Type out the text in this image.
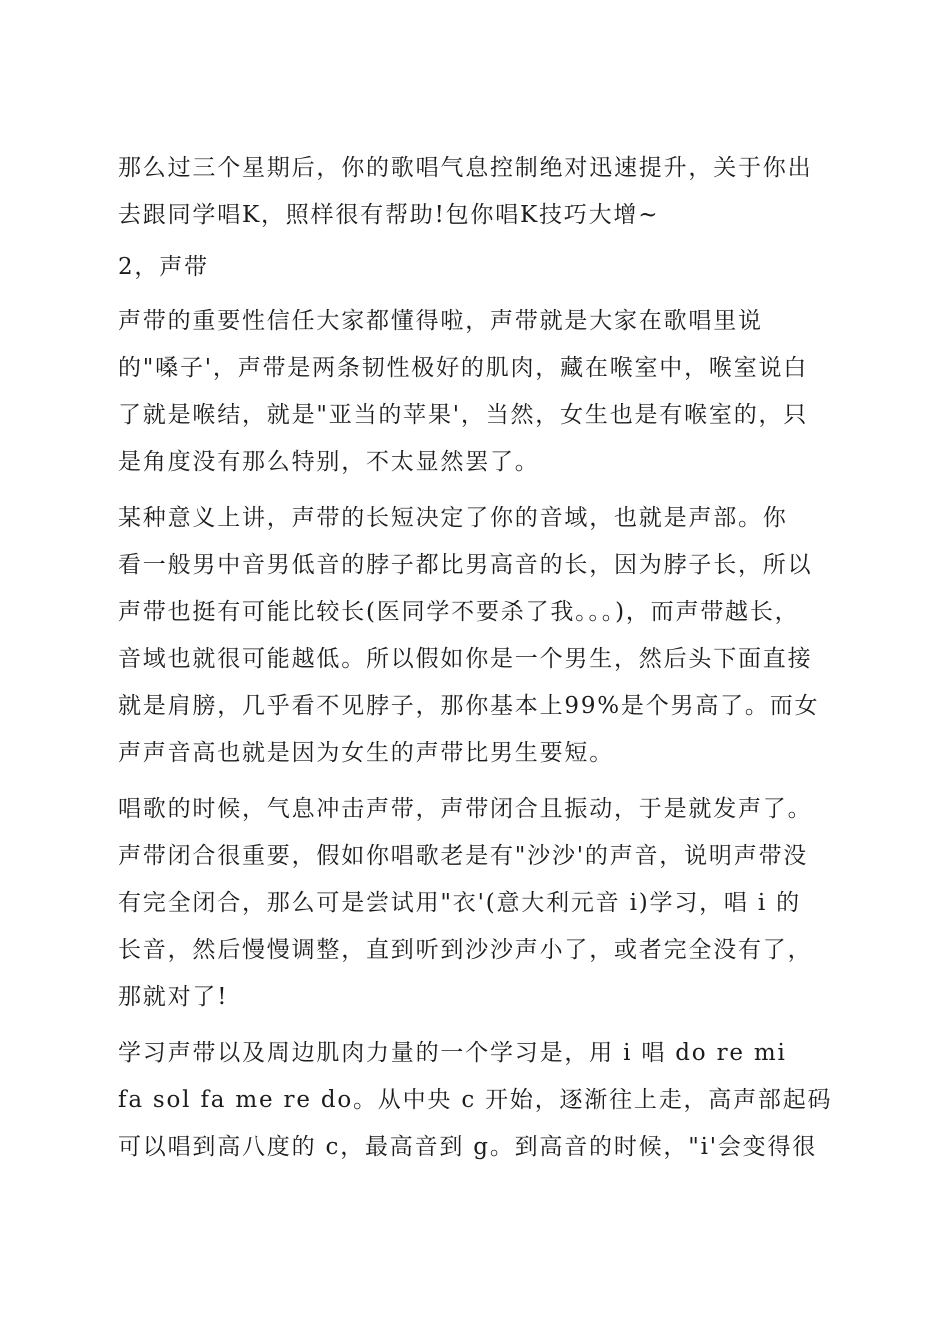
那么过三个星期后，你的歌唱气息控制绝对迅速提升，关于你出
去跟同学唱K，照样很有帮助!包你唱K技巧大增~
2，声带
声带的重要性信任大家都懂得啦，声带就是大家在歌唱里说
的"嗓子'，声带是两条韧性极好的肌肉，藏在喉室中，喉室说白
了就是喉结，就是"亚当的苹果'，当然，女生也是有喉室的，只
是角度没有那么特别，不太显然罢了。
某种意义上讲，声带的长短决定了你的音域，也就是声部。你
看一般男中音男低音的脖子都比男高音的长，因为脖子长，所以
声带也挺有可能比较长(医同学不要杀了我。。。)，而声带越长，
音域也就很可能越低。所以假如你是一个男生，然后头下面直接
就是肩膀，几乎看不见脖子，那你基本上99%是个男高了。而女
声声音高也就是因为女生的声带比男生要短。
唱歌的时候，气息冲击声带，声带闭合且振动，于是就发声了。
声带闭合很重要，假如你唱歌老是有"沙沙'的声音，说明声带没
有完全闭合，那么可是尝试用"衣'(意大利元音 i)学习，唱 i 的
长音，然后慢慢调整，直到听到沙沙声小了，或者完全没有了，
那就对了!
学习声带以及周边肌肉力量的一个学习是，用 i 唱 do re mi
fa sol fa me re do。从中央 c 开始，逐渐往上走，高声部起码
可以唱到高八度的 c，最高音到 g。到高音的时候，"i'会变得很
